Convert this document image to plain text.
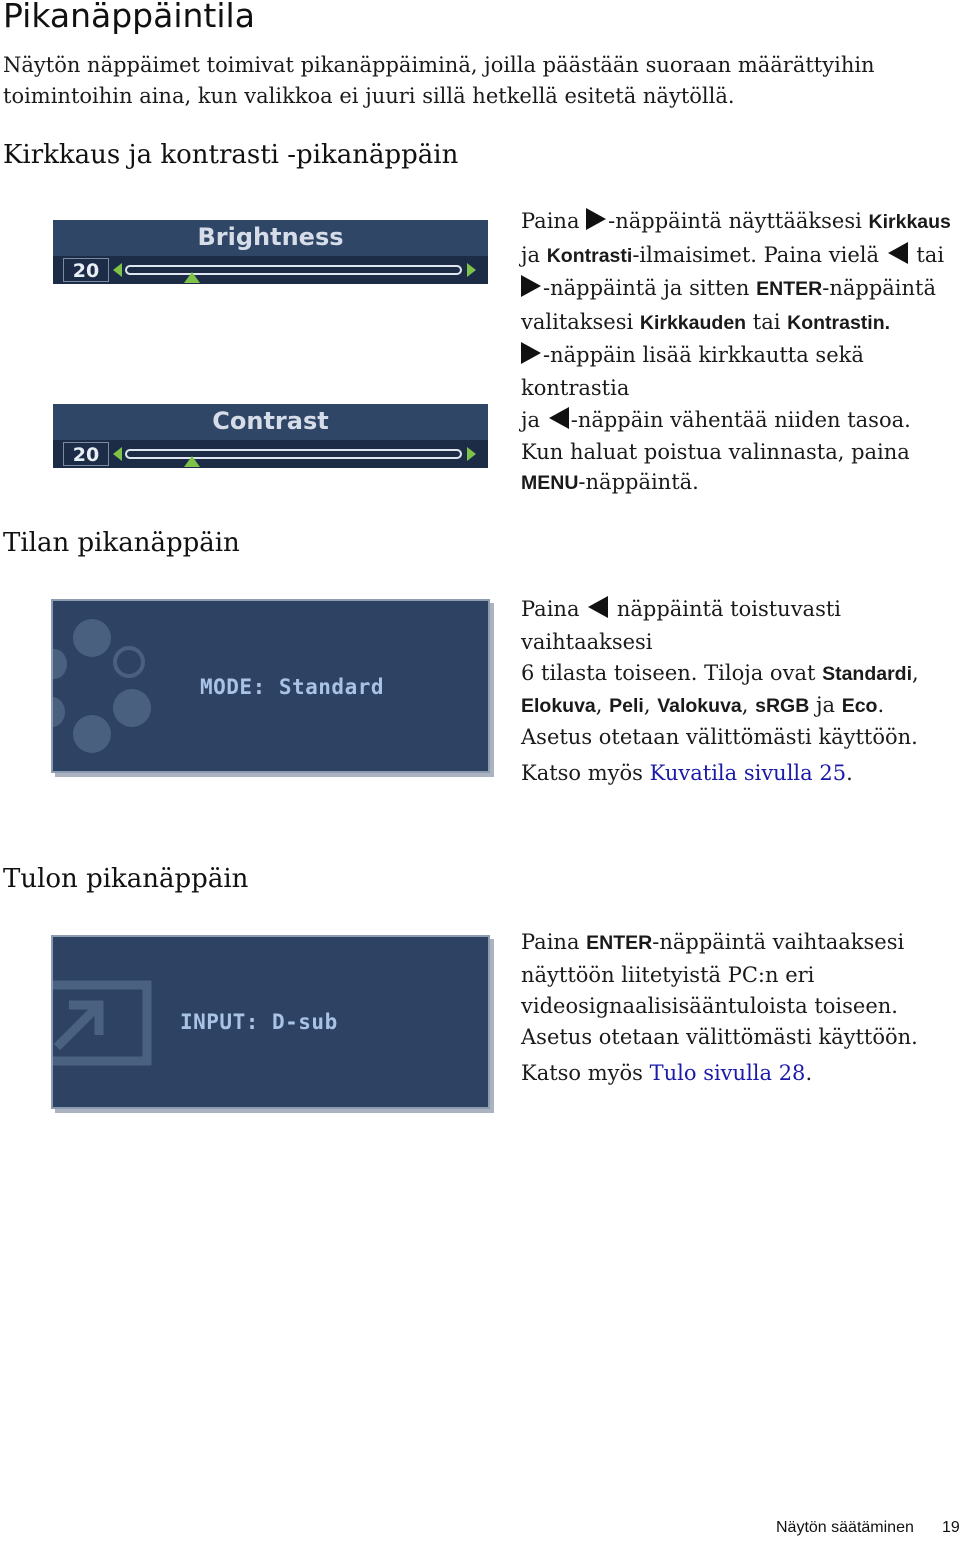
Pikanäppäintila
Näytön näppäimet toimivat pikanäppäiminä, joilla päästään suoraan määrättyihin toimintoihin aina, kun valikkoa ei juuri sillä hetkellä esitetä näytöllä.
Kirkkaus ja kontrasti -pikanäppäin
Brightness
20
Contrast
20
Paina -näppäintä näyttääksesi Kirkkaus
ja Kontrasti-ilmaisimet. Paina vielä  tai
-näppäintä ja sitten ENTER-näppäintä
valitaksesi Kirkkauden tai Kontrastin.
-näppäin lisää kirkkautta sekä kontrastia
ja -näppäin vähentää niiden tasoa.
Kun haluat poistua valinnasta, paina
MENU-näppäintä.
Tilan pikanäppäin
MODE: Standard
Paina  näppäintä toistuvasti vaihtaaksesi
6 tilasta toiseen. Tiloja ovat Standardi,
Elokuva, Peli, Valokuva, sRGB ja Eco.
Asetus otetaan välittömästi käyttöön.
Katso myös Kuvatila sivulla 25.
Tulon pikanäppäin
INPUT: D-sub
Paina ENTER-näppäintä vaihtaaksesi
näyttöön liitetyistä PC:n eri
videosignaalisisääntuloista toiseen.
Asetus otetaan välittömästi käyttöön.
Katso myös Tulo sivulla 28.
Näytön säätäminen 19
